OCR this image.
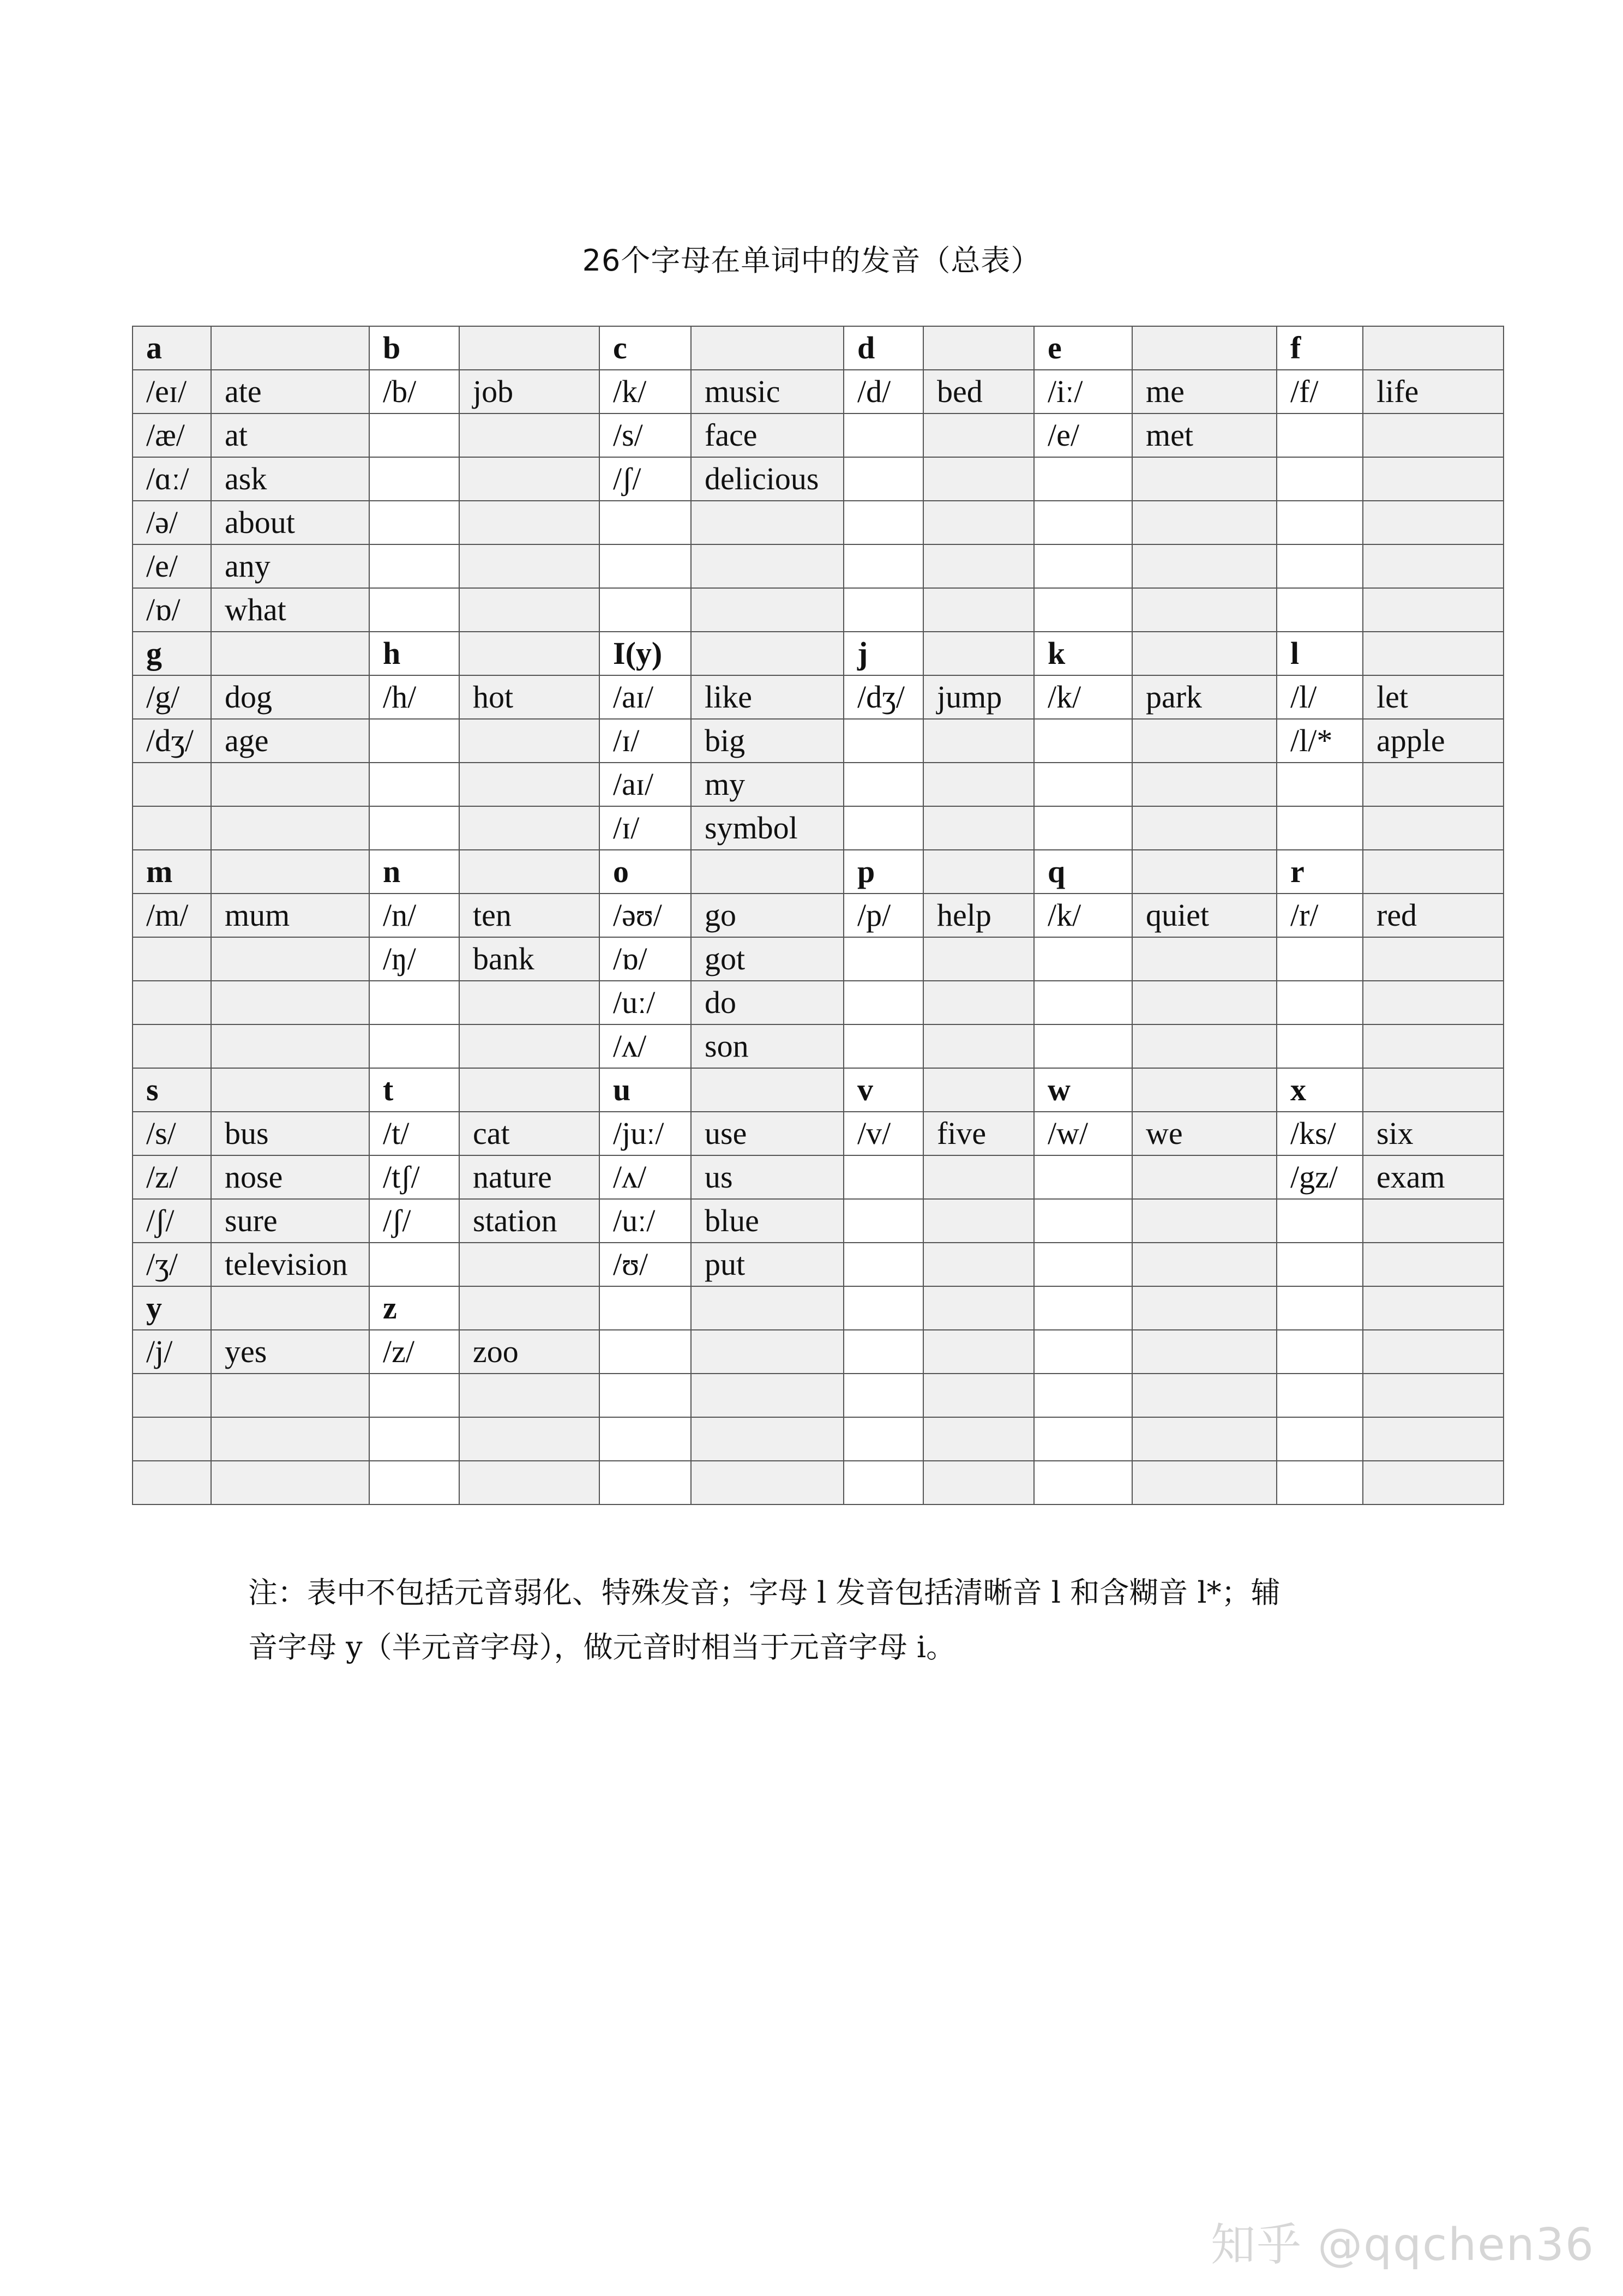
26个字母在单词中的发音（总表）
a		b		c		d		e		f	
/eɪ/	ate	/b/	job	/k/	music	/d/	bed	/iː/	me	/f/	life
/æ/	at			/s/	face			/e/	met		
/ɑː/	ask			/ʃ/	delicious						
/ə/	about										
/e/	any										
/ɒ/	what										
g		h		I(y)		j		k		l	
/g/	dog	/h/	hot	/aɪ/	like	/dʒ/	jump	/k/	park	/l/	let
/dʒ/	age			/ɪ/	big					/l/*	apple
				/aɪ/	my						
				/ɪ/	symbol						
m		n		o		p		q		r	
/m/	mum	/n/	ten	/əʊ/	go	/p/	help	/k/	quiet	/r/	red
		/ŋ/	bank	/ɒ/	got						
				/uː/	do						
				/ʌ/	son						
s		t		u		v		w		x	
/s/	bus	/t/	cat	/juː/	use	/v/	five	/w/	we	/ks/	six
/z/	nose	/tʃ/	nature	/ʌ/	us					/gz/	exam
/ʃ/	sure	/ʃ/	station	/uː/	blue						
/ʒ/	television			/ʊ/	put						
y		z									
/j/	yes	/z/	zoo								

注：表中不包括元音弱化、特殊发音；字母 l 发音包括清晰音 l 和含糊音 l*；辅
音字母 y（半元音字母），做元音时相当于元音字母 i。
知乎 @qqchen36
